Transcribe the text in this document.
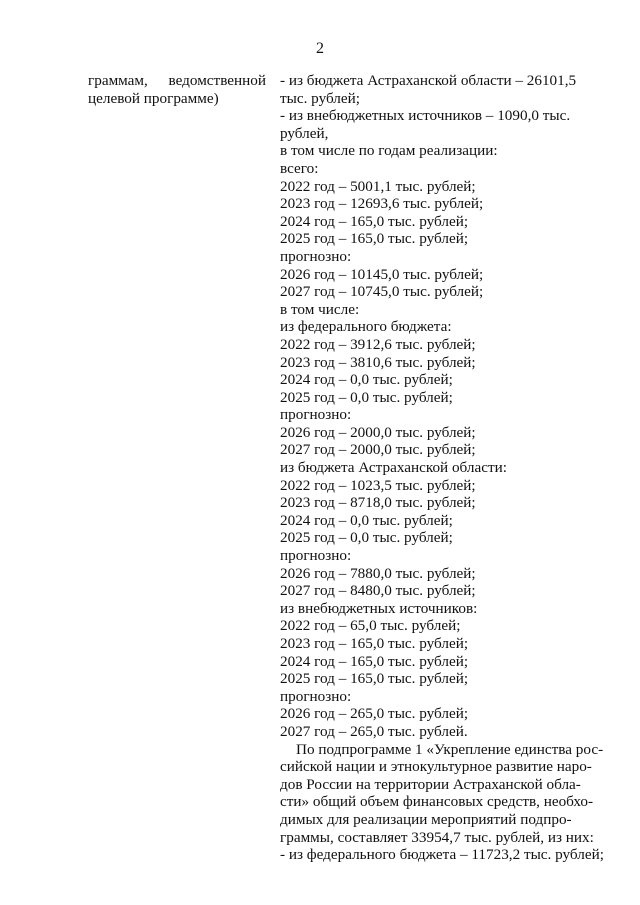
2
граммам, ведомственной
целевой программе)
- из бюджета Астраханской области – 26101,5
тыс. рублей;
- из внебюджетных источников – 1090,0 тыс.
рублей,
в том числе по годам реализации:
всего:
2022 год – 5001,1 тыс. рублей;
2023 год – 12693,6 тыс. рублей;
2024 год – 165,0 тыс. рублей;
2025 год – 165,0 тыс. рублей;
прогнозно:
2026 год – 10145,0 тыс. рублей;
2027 год – 10745,0 тыс. рублей;
в том числе:
из федерального бюджета:
2022 год – 3912,6 тыс. рублей;
2023 год – 3810,6 тыс. рублей;
2024 год – 0,0 тыс. рублей;
2025 год – 0,0 тыс. рублей;
прогнозно:
2026 год – 2000,0 тыс. рублей;
2027 год – 2000,0 тыс. рублей;
из бюджета Астраханской области:
2022 год – 1023,5 тыс. рублей;
2023 год – 8718,0 тыс. рублей;
2024 год – 0,0 тыс. рублей;
2025 год – 0,0 тыс. рублей;
прогнозно:
2026 год – 7880,0 тыс. рублей;
2027 год – 8480,0 тыс. рублей;
из внебюджетных источников:
2022 год – 65,0 тыс. рублей;
2023 год – 165,0 тыс. рублей;
2024 год – 165,0 тыс. рублей;
2025 год – 165,0 тыс. рублей;
прогнозно:
2026 год – 265,0 тыс. рублей;
2027 год – 265,0 тыс. рублей.
По подпрограмме 1 «Укрепление единства рос-
сийской нации и этнокультурное развитие наро-
дов России на территории Астраханской обла-
сти» общий объем финансовых средств, необхо-
димых для реализации мероприятий подпро-
граммы, составляет 33954,7 тыс. рублей, из них:
- из федерального бюджета – 11723,2 тыс. рублей;
